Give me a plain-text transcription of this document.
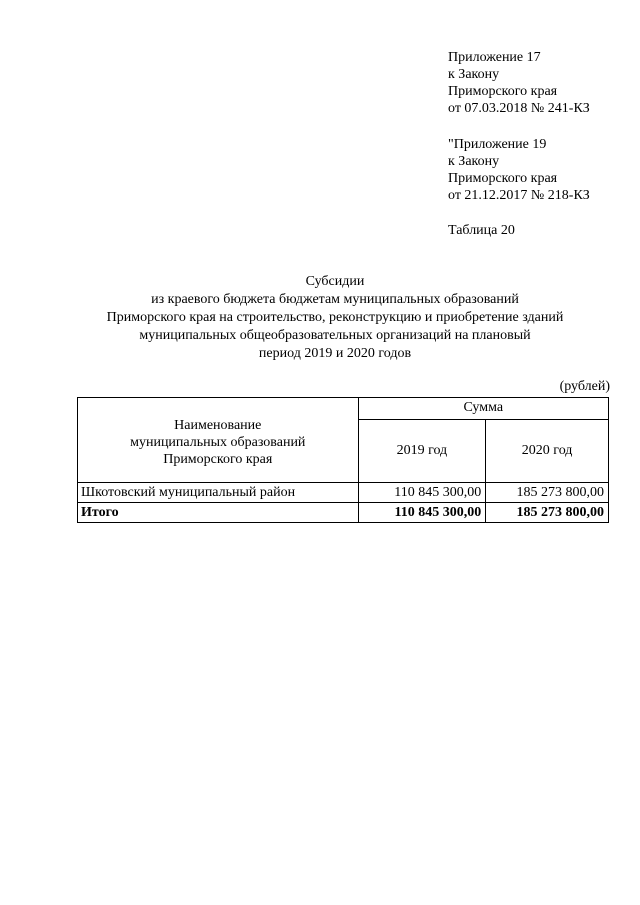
Приложение 17
к Закону
Приморского края
от 07.03.2018 № 241-КЗ
"Приложение 19
к Закону
Приморского края
от 21.12.2017 № 218-КЗ
Таблица 20
Субсидии
из краевого бюджета бюджетам муниципальных образований
Приморского края на строительство, реконструкцию и приобретение зданий
муниципальных общеобразовательных организаций на плановый
период 2019 и 2020 годов
(рублей)
Наименование
муниципальных образований
Приморского края	Сумма	
	2019 год	2020 год
Шкотовский муниципальный район	110 845 300,00	185 273 800,00
Итого	110 845 300,00	185 273 800,00
